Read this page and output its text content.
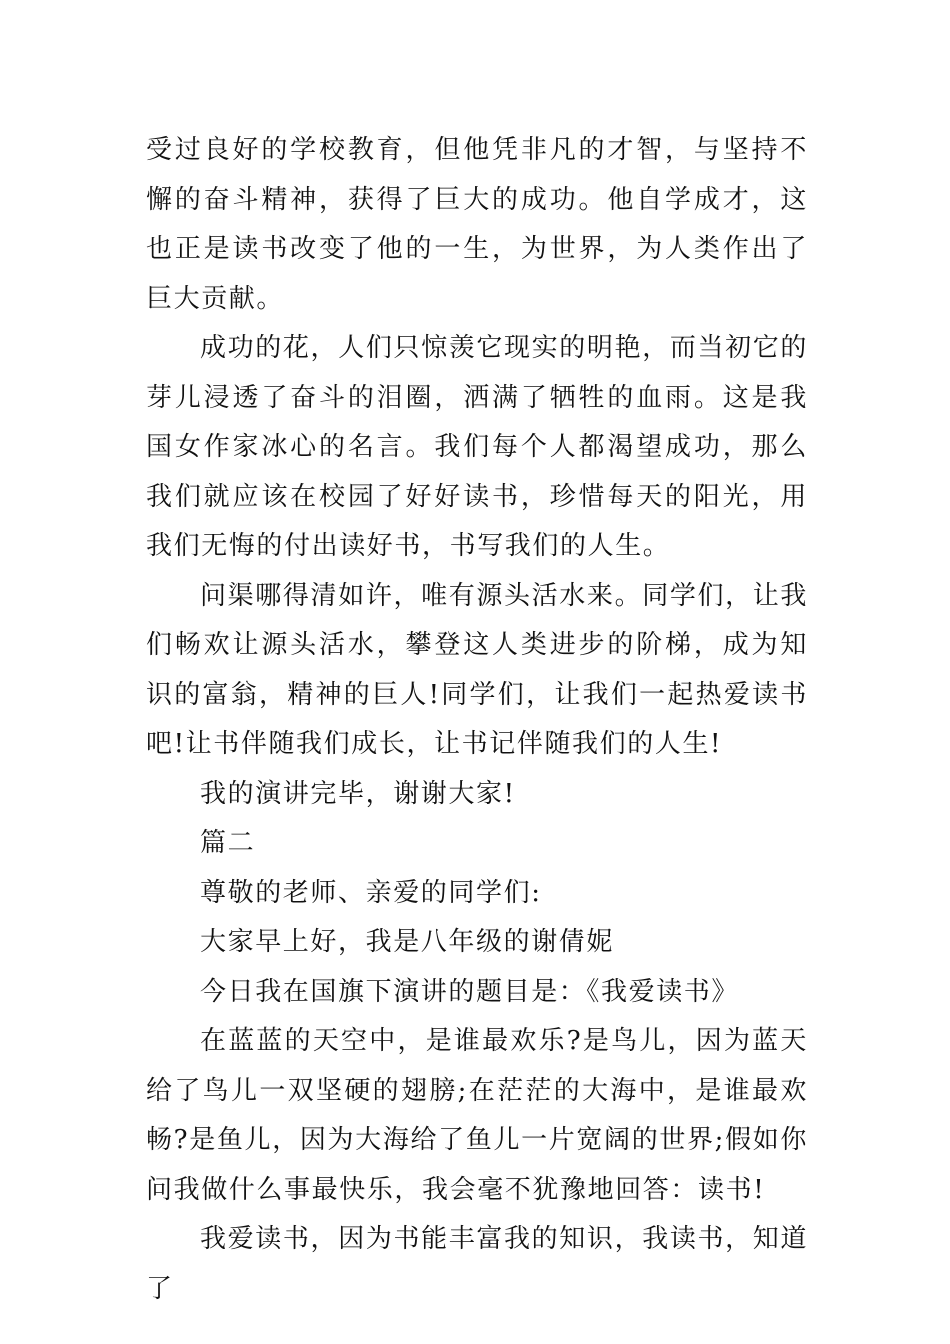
受过良好的学校教育，但他凭非凡的才智，与坚持不懈的奋斗精神，获得了巨大的成功。他自学成才，这也正是读书改变了他的一生，为世界，为人类作出了巨大贡献。

成功的花，人们只惊羡它现实的明艳，而当初它的芽儿浸透了奋斗的泪圈，洒满了牺牲的血雨。这是我国女作家冰心的名言。我们每个人都渴望成功，那么我们就应该在校园了好好读书，珍惜每天的阳光，用我们无悔的付出读好书，书写我们的人生。

问渠哪得清如许，唯有源头活水来。同学们，让我们畅欢让源头活水，攀登这人类进步的阶梯，成为知识的富翁，精神的巨人!同学们，让我们一起热爱读书吧!让书伴随我们成长，让书记伴随我们的人生!

我的演讲完毕，谢谢大家!

篇二

尊敬的老师、亲爱的同学们:

大家早上好，我是八年级的谢倩妮

今日我在国旗下演讲的题目是：《我爱读书》

在蓝蓝的天空中，是谁最欢乐?是鸟儿，因为蓝天给了鸟儿一双坚硬的翅膀;在茫茫的大海中，是谁最欢畅?是鱼儿，因为大海给了鱼儿一片宽阔的世界;假如你问我做什么事最快乐，我会毫不犹豫地回答：读书!

我爱读书，因为书能丰富我的知识，我读书，知道了
